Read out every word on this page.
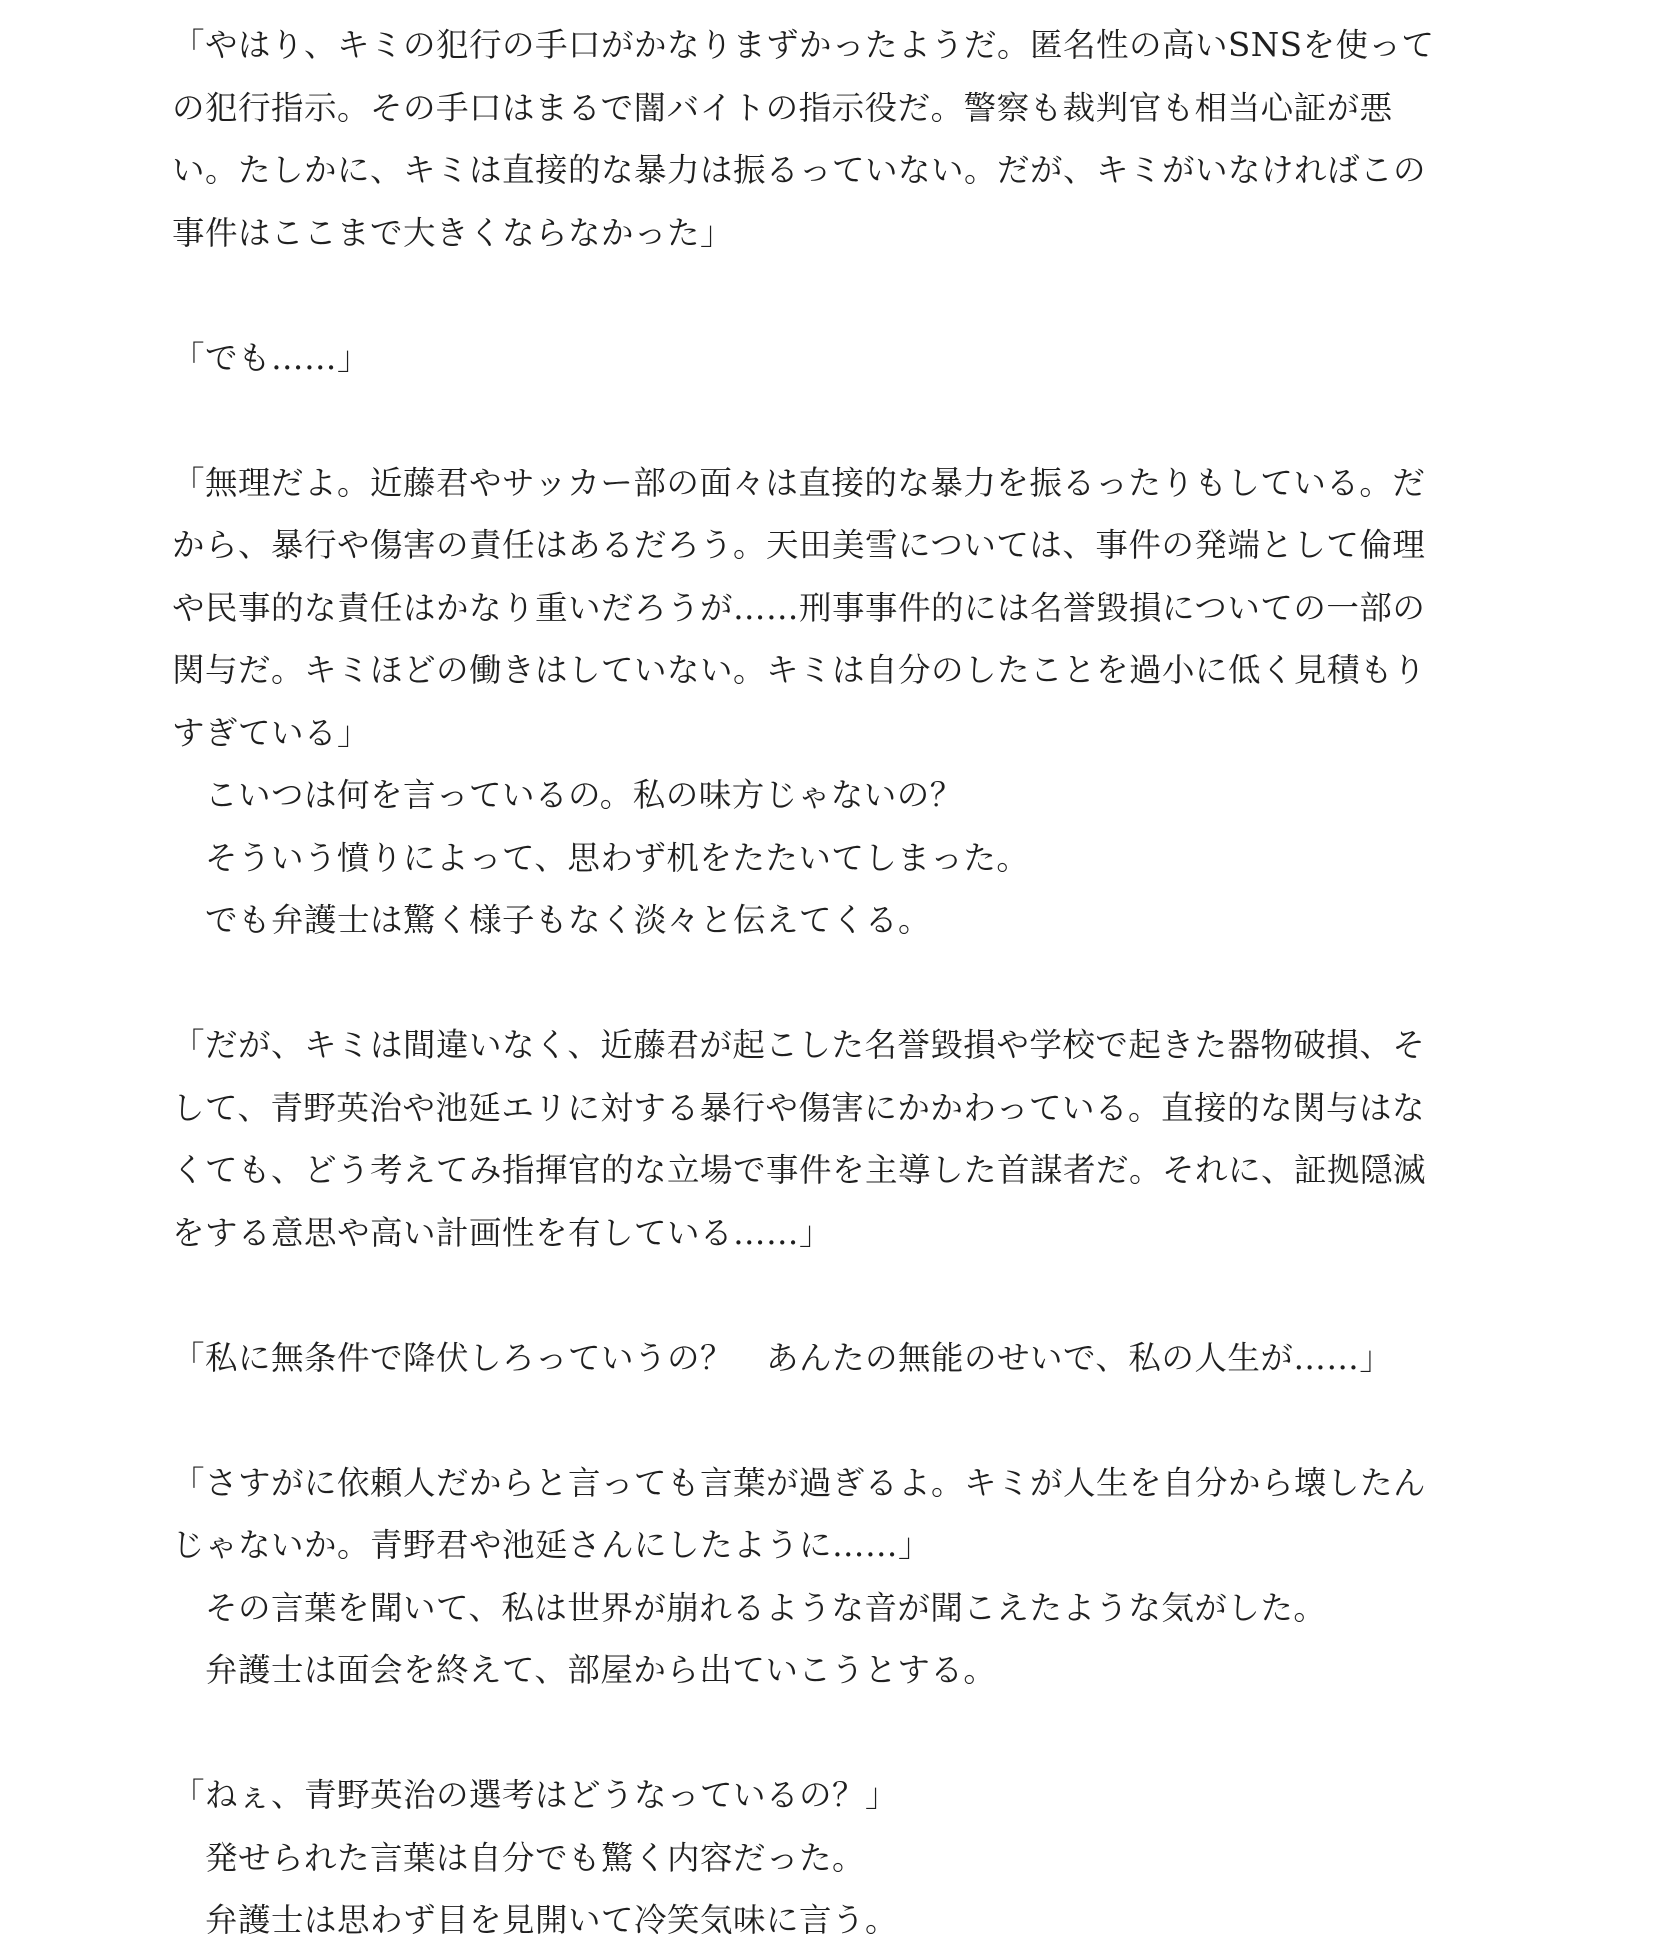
「やはり、キミの犯行の手口がかなりまずかったようだ。匿名性の高いSNSを使って
の犯行指示。その手口はまるで闇バイトの指示役だ。警察も裁判官も相当心証が悪
い。たしかに、キミは直接的な暴力は振るっていない。だが、キミがいなければこの
事件はここまで大きくならなかった」
「でも……」
「無理だよ。近藤君やサッカー部の面々は直接的な暴力を振るったりもしている。だ
から、暴行や傷害の責任はあるだろう。天田美雪については、事件の発端として倫理
や民事的な責任はかなり重いだろうが……刑事事件的には名誉毀損についての一部の
関与だ。キミほどの働きはしていない。キミは自分のしたことを過小に低く見積もり
すぎている」
　こいつは何を言っているの。私の味方じゃないの？
　そういう憤りによって、思わず机をたたいてしまった。
　でも弁護士は驚く様子もなく淡々と伝えてくる。
「だが、キミは間違いなく、近藤君が起こした名誉毀損や学校で起きた器物破損、そ
して、青野英治や池延エリに対する暴行や傷害にかかわっている。直接的な関与はな
くても、どう考えてみ指揮官的な立場で事件を主導した首謀者だ。それに、証拠隠滅
をする意思や高い計画性を有している……」
「私に無条件で降伏しろっていうの？　あんたの無能のせいで、私の人生が……」
「さすがに依頼人だからと言っても言葉が過ぎるよ。キミが人生を自分から壊したん
じゃないか。青野君や池延さんにしたように……」
　その言葉を聞いて、私は世界が崩れるような音が聞こえたような気がした。
　弁護士は面会を終えて、部屋から出ていこうとする。
「ねぇ、青野英治の選考はどうなっているの？」
　発せられた言葉は自分でも驚く内容だった。
　弁護士は思わず目を見開いて冷笑気味に言う。
